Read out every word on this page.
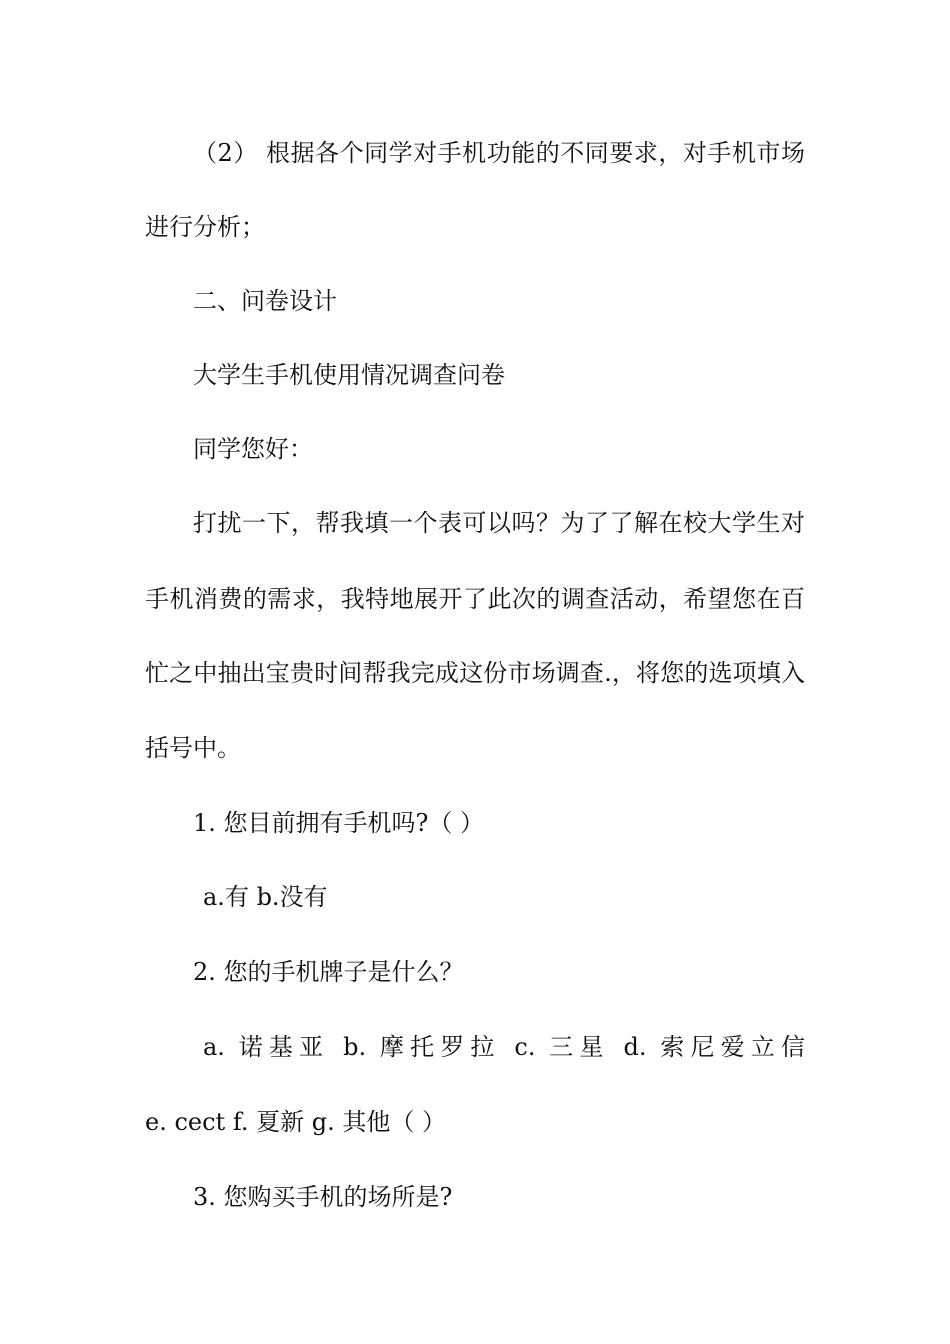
（2） 根据各个同学对手机功能的不同要求，对手机市场
进行分析；
二、问卷设计
大学生手机使用情况调查问卷
同学您好：
打扰一下，帮我填一个表可以吗？为了了解在校大学生对
手机消费的需求，我特地展开了此次的调查活动，希望您在百
忙之中抽出宝贵时间帮我完成这份市场调查.，将您的选项填入
括号中。
1. 您目前拥有手机吗?（ ）
a.有 b.没有
2. 您的手机牌子是什么？
a. 诺基亚 b. 摩托罗拉 c. 三星 d. 索尼爱立信
e. cect f. 夏新 g. 其他（ ）
3. 您购买手机的场所是?
